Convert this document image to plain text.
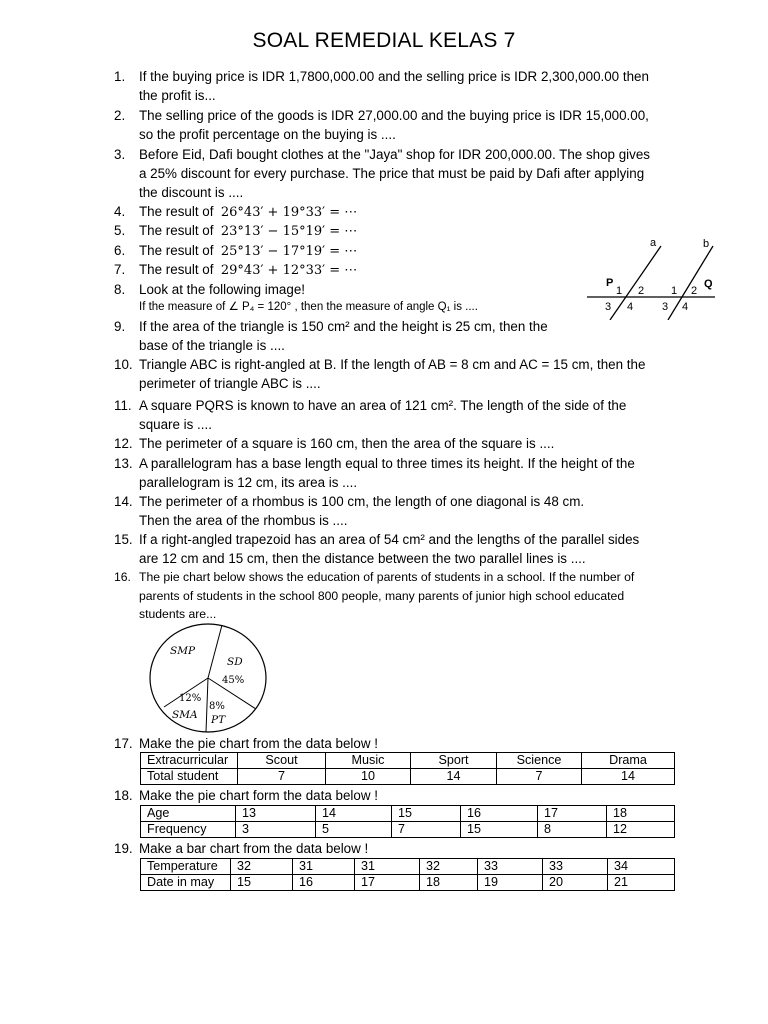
SOAL REMEDIAL KELAS 7
1. If the buying price is IDR 1,7800,000.00 and the selling price is IDR 2,300,000.00 then
the profit is...
2. The selling price of the goods is IDR 27,000.00 and the buying price is IDR 15,000.00,
so the profit percentage on the buying is ....
3. Before Eid, Dafi bought clothes at the "Jaya" shop for IDR 200,000.00. The shop gives
a 25% discount for every purchase. The price that must be paid by Dafi after applying
the discount is ....
4. The result of 26°43′ + 19°33′ = ⋯
5. The result of 23°13′ − 15°19′ = ⋯
6. The result of 25°13′ − 17°19′ = ⋯
7. The result of 29°43′ + 12°33′ = ⋯
8. Look at the following image!
If the measure of ∠ P₄ = 120° , then the measure of angle Q₁ is ....
a	b
P	Q
1 2
3 4
1 2
3 4
9. If the area of the triangle is 150 cm² and the height is 25 cm, then the
base of the triangle is ....
10. Triangle ABC is right-angled at B. If the length of AB = 8 cm and AC = 15 cm, then the
perimeter of triangle ABC is ....
11. A square PQRS is known to have an area of 121 cm². The length of the side of the
square is ....
12. The perimeter of a square is 160 cm, then the area of the square is ....
13. A parallelogram has a base length equal to three times its height. If the height of the
parallelogram is 12 cm, its area is ....
14. The perimeter of a rhombus is 100 cm, the length of one diagonal is 48 cm.
Then the area of the rhombus is ....
15. If a right-angled trapezoid has an area of 54 cm² and the lengths of the parallel sides
are 12 cm and 15 cm, then the distance between the two parallel lines is ....
16. The pie chart below shows the education of parents of students in a school. If the number of
parents of students in the school 800 people, many parents of junior high school educated
students are...
SMP
SD
45%
12%
SMA
8%
PT
17. Make the pie chart from the data below !
Extracurricular	Scout	Music	Sport	Science	Drama
Total student	7	10	14	7	14
18. Make the pie chart form the data below !
Age	13	14	15	16	17	18
Frequency	3	5	7	15	8	12
19. Make a bar chart from the data below !
Temperature	32	31	31	32	33	33	34
Date in may	15	16	17	18	19	20	21
